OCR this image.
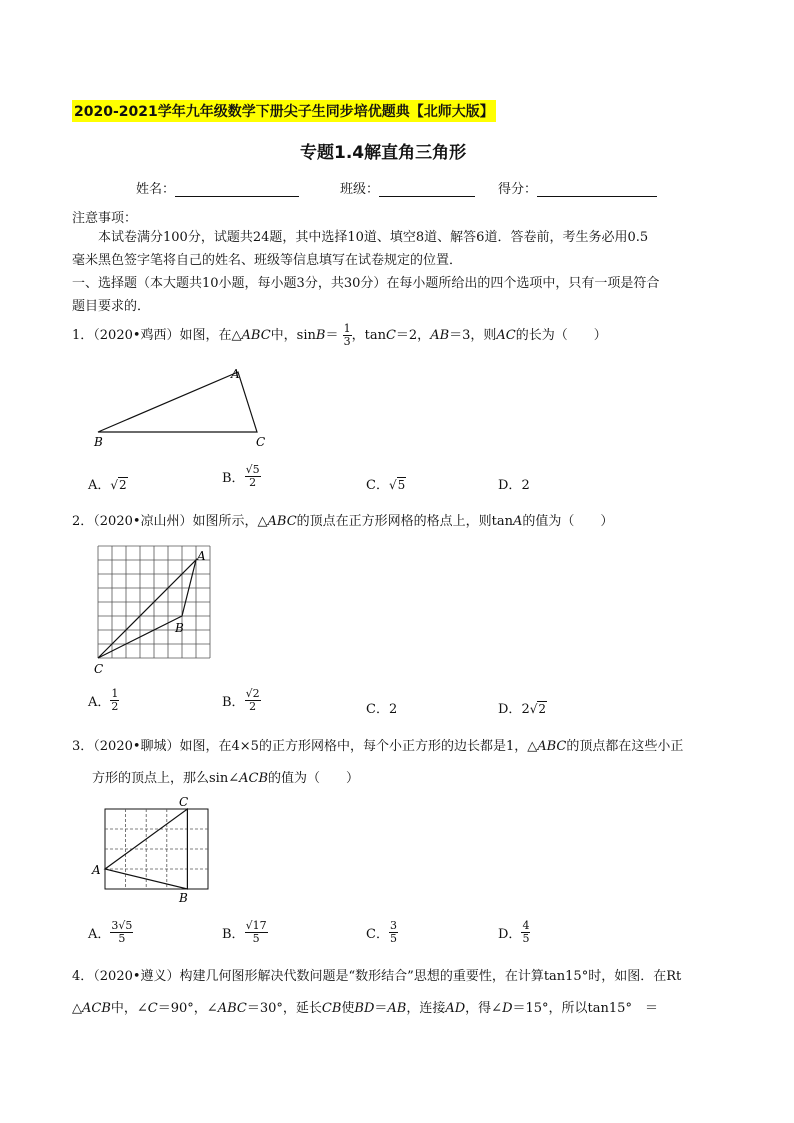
2020-2021学年九年级数学下册尖子生同步培优题典【北师大版】
专题1.4解直角三角形
姓名：	班级：	得分：
注意事项：
本试卷满分100分，试题共24题，其中选择10道、填空8道、解答6道．答卷前，考生务必用0.5
毫米黑色签字笔将自己的姓名、班级等信息填写在试卷规定的位置．
一、选择题（本大题共10小题，每小题3分，共30分）在每小题所给出的四个选项中，只有一项是符合
题目要求的．
1．（2020•鸡西）如图，在△ABC中，$\sin B= \frac{1}{3}$ ，tanC＝2，AB＝3，则AC的长为（　　）
A
B	C
A．√2	B． $\frac{√5}{2}$	C．√5	D．2
2．（2020•凉山州）如图所示，△ABC的顶点在正方形网格的格点上，则tanA的值为（　　）
A
B
C
A． $\frac{1}{2}$	B． $\frac{√2}{2}$	C．2	D．2√2
3．（2020•聊城）如图，在4×5的正方形网格中，每个小正方形的边长都是1，△ABC的顶点都在这些小正
方形的顶点上，那么sin∠ACB的值为（　　）
C
A
B
A． $\frac{3√5}{5}$	B． $\frac{√17}{5}$	C． $\frac{3}{5}$	D． $\frac{4}{5}$
4．（2020•遵义）构建几何图形解决代数问题是“数形结合”思想的重要性，在计算tan15°时，如图．在Rt
△ACB中，∠C＝90°，∠ABC＝30°，延长CB使BD＝AB，连接AD，得∠D＝15°，所以tan15°　＝
